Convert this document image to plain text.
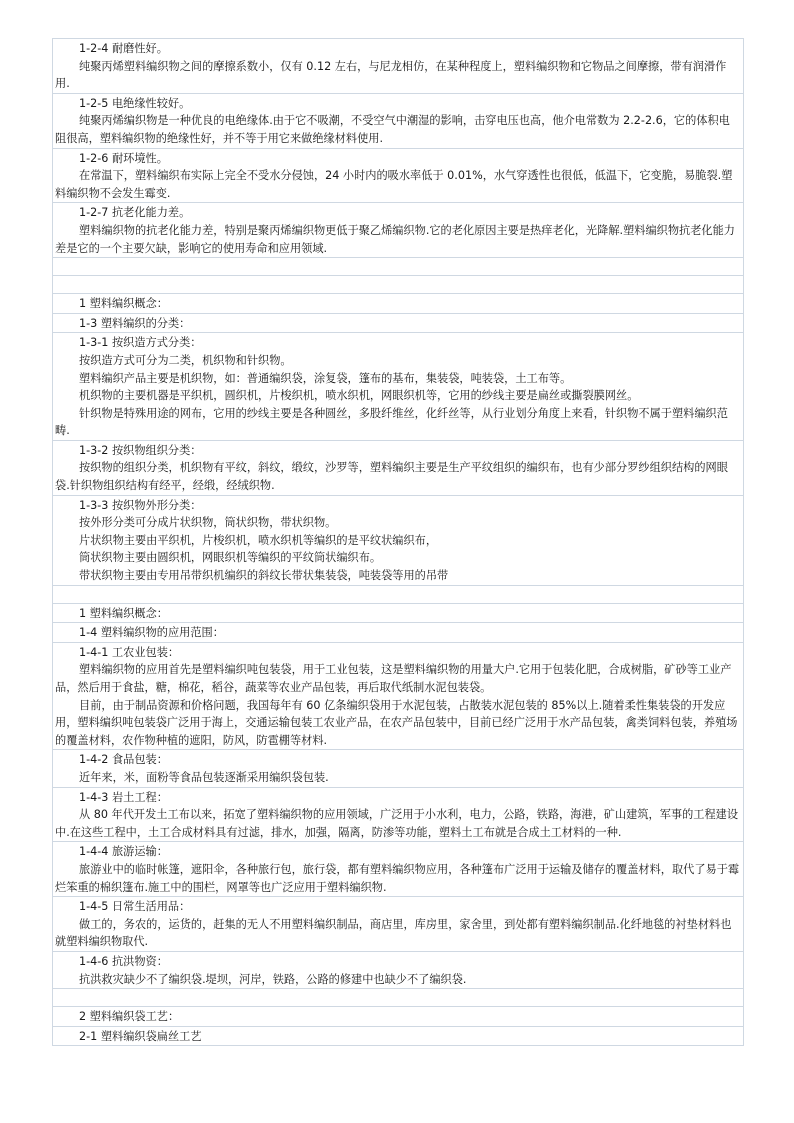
1-2-4 耐磨性好。
纯聚丙烯塑料编织物之间的摩擦系数小，仅有 0.12 左右，与尼龙相仿，在某种程度上，塑料编织物和它物品之间摩擦，带有润滑作用.

1-2-5 电绝缘性较好。
纯聚丙烯编织物是一种优良的电绝缘体.由于它不吸潮，不受空气中潮湿的影响，击穿电压也高，他介电常数为 2.2-2.6，它的体积电阻很高，塑料编织物的绝缘性好，并不等于用它来做绝缘材料使用.

1-2-6 耐环境性。
在常温下，塑料编织布实际上完全不受水分侵蚀，24 小时内的吸水率低于 0.01%，水气穿透性也很低，低温下，它变脆，易脆裂.塑料编织物不会发生霉变.

1-2-7 抗老化能力差。
塑料编织物的抗老化能力差，特别是聚丙烯编织物更低于聚乙烯编织物.它的老化原因主要是热痒老化，光降解.塑料编织物抗老化能力差是它的一个主要欠缺，影响它的使用寿命和应用领域.

1 塑料编织概念：

1-3 塑料编织的分类：

1-3-1 按织造方式分类：
按织造方式可分为二类，机织物和针织物。
塑料编织产品主要是机织物，如：普通编织袋，涂复袋，篷布的基布，集装袋，吨装袋，土工布等。
机织物的主要机器是平织机，圆织机，片梭织机，喷水织机，网眼织机等，它用的纱线主要是扁丝或撕裂膜网丝。
针织物是特殊用途的网布，它用的纱线主要是各种圆丝，多股纤维丝，化纤丝等，从行业划分角度上来看，针织物不属于塑料编织范畴.

1-3-2 按织物组织分类：
按织物的组织分类，机织物有平纹，斜纹，缎纹，沙罗等，塑料编织主要是生产平纹组织的编织布，也有少部分罗纱组织结构的网眼袋.针织物组织结构有经平，经缎，经绒织物.

1-3-3 按织物外形分类：
按外形分类可分成片状织物，筒状织物，带状织物。
片状织物主要由平织机，片梭织机，喷水织机等编织的是平纹状编织布，
筒状织物主要由圆织机，网眼织机等编织的平纹筒状编织布。
带状织物主要由专用吊带织机编织的斜纹长带状集装袋，吨装袋等用的吊带

1 塑料编织概念：

1-4 塑料编织物的应用范围：

1-4-1 工农业包装：
塑料编织物的应用首先是塑料编织吨包装袋，用于工业包装，这是塑料编织物的用量大户.它用于包装化肥，合成树脂，矿砂等工业产品，然后用于食盐，糖，棉花，稻谷，蔬菜等农业产品包装，再后取代纸制水泥包装袋。
目前，由于制品资源和价格问题，我国每年有 60 亿条编织袋用于水泥包装，占散装水泥包装的 85%以上.随着柔性集装袋的开发应用，塑料编织吨包装袋广泛用于海上，交通运输包装工农业产品，在农产品包装中，目前已经广泛用于水产品包装，禽类饲料包装，养殖场的覆盖材料，农作物种植的遮阳，防风，防雹棚等材料.

1-4-2 食品包装：
近年来，米，面粉等食品包装逐渐采用编织袋包装.

1-4-3 岩土工程：
从 80 年代开发土工布以来，拓宽了塑料编织物的应用领域，广泛用于小水利，电力，公路，铁路，海港，矿山建筑，军事的工程建设中.在这些工程中，土工合成材料具有过滤，排水，加强，隔离，防渗等功能，塑料土工布就是合成土工材料的一种.

1-4-4 旅游运输：
旅游业中的临时帐篷，遮阳伞，各种旅行包，旅行袋，都有塑料编织物应用，各种篷布广泛用于运输及储存的覆盖材料，取代了易于霉烂笨重的棉织篷布.施工中的围栏，网罩等也广泛应用于塑料编织物.

1-4-5 日常生活用品：
做工的，务农的，运货的，赶集的无人不用塑料编织制品，商店里，库房里，家舍里，到处都有塑料编织制品.化纤地毯的衬垫材料也就塑料编织物取代.

1-4-6 抗洪物资：
抗洪救灾缺少不了编织袋.堤坝，河岸，铁路，公路的修建中也缺少不了编织袋.

2 塑料编织袋工艺：

2-1 塑料编织袋扁丝工艺
